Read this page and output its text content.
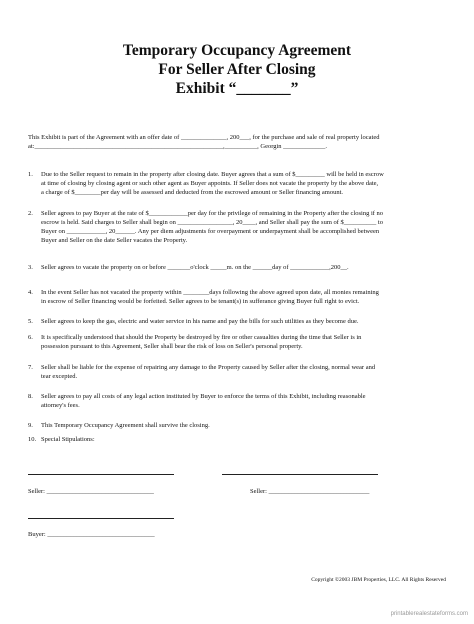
Temporary Occupancy Agreement
For Seller After Closing
Exhibit “_______”
This Exhibit is part of the Agreement with an offer date of ______________, 200___, for the purchase and sale of real property located
at:__________________________________________________________,__________, Georgin _____________.
1. Due to the Seller request to remain in the property after closing date. Buyer agrees that a sum of $_________ will be held in escrow
at time of closing by closing agent or such other agent as Buyer appoints. If Seller does not vacate the property by the above date,
a charge of $________per day will be assessed and deducted from the escrowed amount or Seller financing amount.
2. Seller agrees to pay Buyer at the rate of $____________per day for the privilege of remaining in the Property after the closing if no
escrow is held. Said charges to Seller shall begin on _________________, 20____, and Seller shall pay the sum of $__________ to
Buyer on ____________, 20______. Any per diem adjustments for overpayment or underpayment shall be accomplished between
Buyer and Seller on the date Seller vacates the Property.
3. Seller agrees to vacate the property on or before _______o'clock _____m. on the ______day of ____________,200__.
4. In the event Seller has not vacated the property within ________days following the above agreed upon date, all monies remaining
in escrow of Seller financing would be forfeited. Seller agrees to be tenant(s) in sufferance giving Buyer full right to evict.
5. Seller agrees to keep the gas, electric and water service in his name and pay the bills for such utilities as they become due.
6. It is specifically understood that should the Property be destroyed by fire or other casualties during the time that Seller is in
possession pursuant to this Agreement, Seller shall bear the risk of loss on Seller's personal property.
7. Seller shall be liable for the expense of repairing any damage to the Property caused by Seller after the closing, normal wear and
tear excepted.
8. Seller agrees to pay all costs of any legal action instituted by Buyer to enforce the terms of this Exhibit, including reasonable
attorney's fees.
9. This Temporary Occupancy Agreement shall survive the closing.
10. Special Stipulations:
Seller: _________________________________	Seller: _______________________________
Buyer: _________________________________
Copyright ©2003 JBM Properties, LLC. All Rights Reserved
printablerealestateforms.com
